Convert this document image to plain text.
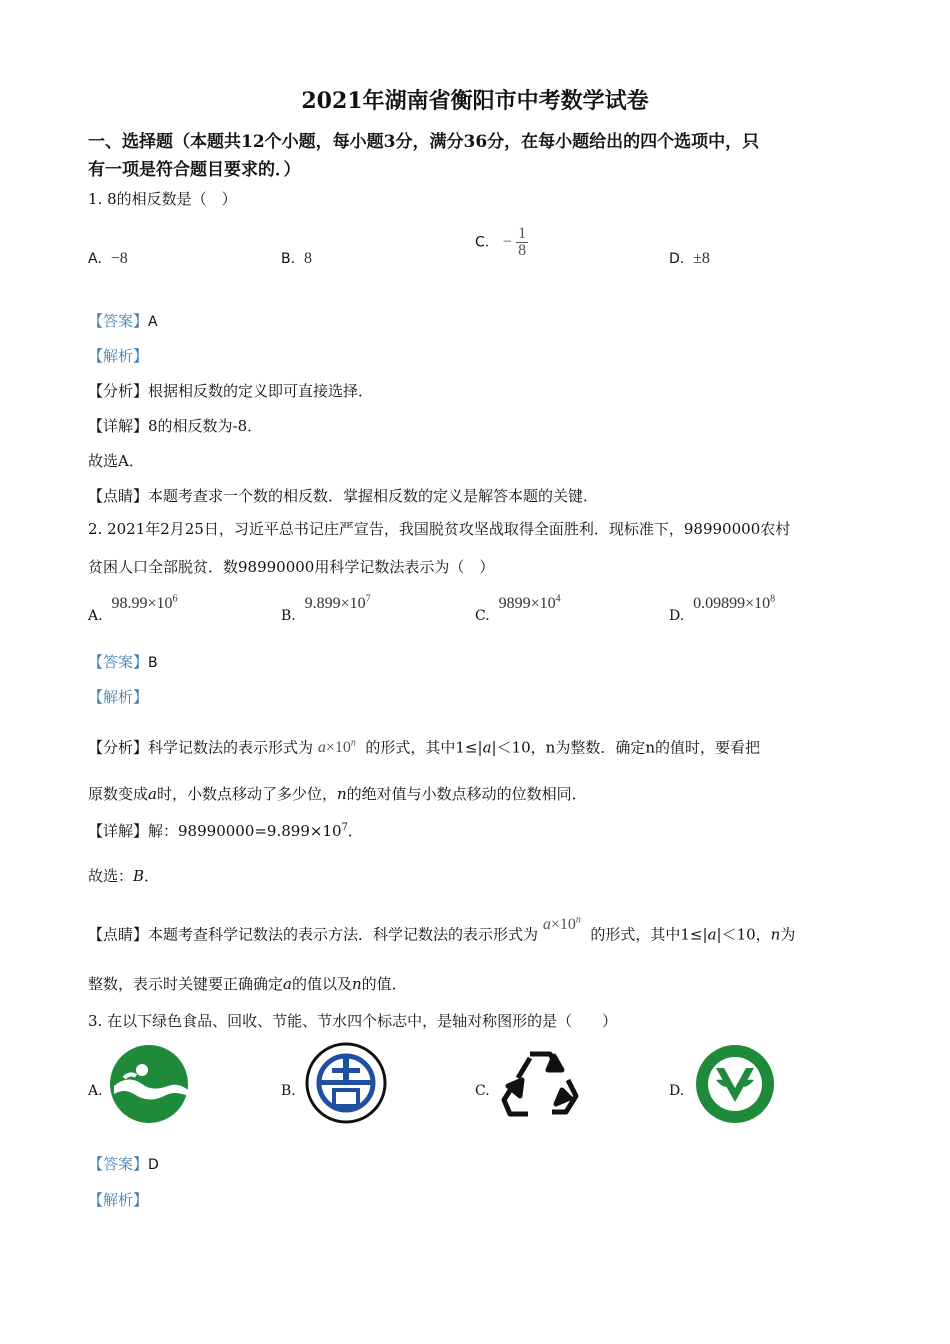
2021年湖南省衡阳市中考数学试卷
一、选择题（本题共12个小题，每小题3分，满分36分，在每小题给出的四个选项中，只
有一项是符合题目要求的．）
1. 8的相反数是（　）
A. −8	B. 8
C. − $\frac{1}{8}$	D. ±8
【答案】A
【解析】
【分析】根据相反数的定义即可直接选择．
【详解】8的相反数为-8．
故选A．
【点睛】本题考查求一个数的相反数．掌握相反数的定义是解答本题的关键．
2. 2021年2月25日，习近平总书记庄严宣告，我国脱贫攻坚战取得全面胜利．现标准下，98990000农村
贫困人口全部脱贫．数98990000用科学记数法表示为（　）
A.  $98.99\times 10^6$
B.  $9.899\times 10^7$
C.  $9899\times 10^4$
D.  $0.09899\times 10^8$
【答案】B
【解析】
【分析】科学记数法的表示形式为 $a\times 10^n$ 的形式，其中1≤|a|＜10，n为整数．确定n的值时，要看把
原数变成a时，小数点移动了多少位，n的绝对值与小数点移动的位数相同．
【详解】解：$98990000=9.899\times 10^7$．
故选：B．
【点睛】本题考查科学记数法的表示方法．科学记数法的表示形式为 $a\times 10^n$  的形式，其中1≤|a|＜10，n为
整数，表示时关键要正确确定a的值以及n的值．
3. 在以下绿色食品、回收、节能、节水四个标志中，是轴对称图形的是（　　）
A.	B.	C.	D.
【答案】D
【解析】
